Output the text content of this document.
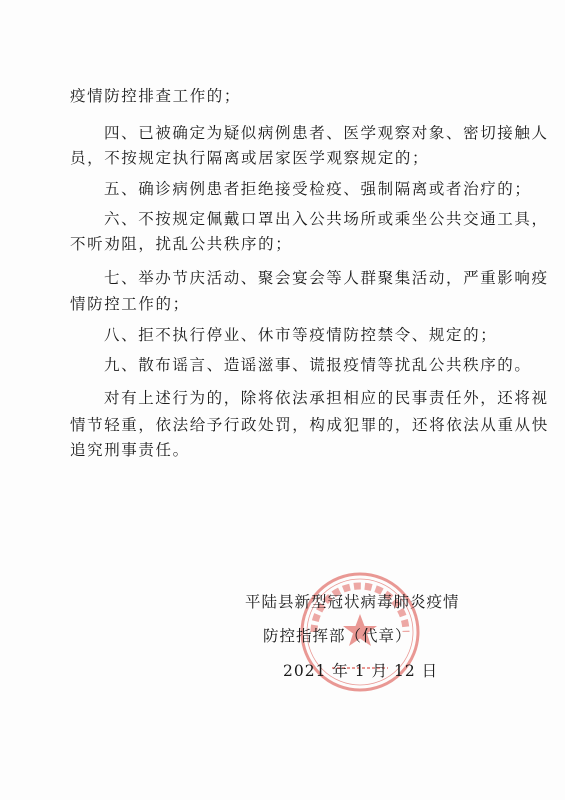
疫情防控排查工作的；
四、已被确定为疑似病例患者、医学观察对象、密切接触人
员，不按规定执行隔离或居家医学观察规定的；
五、确诊病例患者拒绝接受检疫、强制隔离或者治疗的；
六、不按规定佩戴口罩出入公共场所或乘坐公共交通工具，
不听劝阻，扰乱公共秩序的；
七、举办节庆活动、聚会宴会等人群聚集活动，严重影响疫
情防控工作的；
八、拒不执行停业、休市等疫情防控禁令、规定的；
九、散布谣言、造谣滋事、谎报疫情等扰乱公共秩序的。
对有上述行为的，除将依法承担相应的民事责任外，还将视
情节轻重，依法给予行政处罚，构成犯罪的，还将依法从重从快
追究刑事责任。
平陆县新型冠状病毒肺炎疫情
防控指挥部（代章）
2021 年 1 月 12 日
